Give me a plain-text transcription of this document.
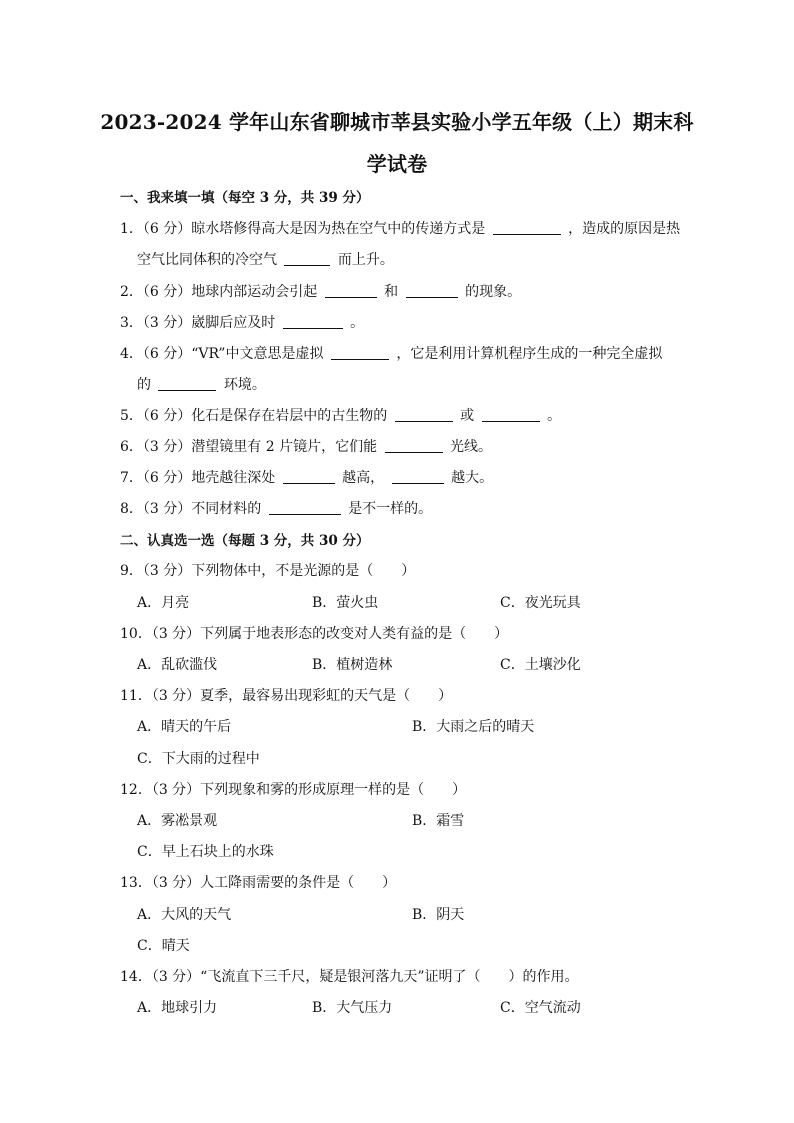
2023-2024 学年山东省聊城市莘县实验小学五年级（上）期末科
学试卷
一、我来填一填（每空 3 分，共 39 分）
1．（6 分）晾水塔修得高大是因为热在空气中的传递方式是	，造成的原因是热
空气比同体积的冷空气	而上升。
2．（6 分）地球内部运动会引起	和	的现象。
3．（3 分）崴脚后应及时	。
4．（6 分）“VR”中文意思是虚拟	，它是利用计算机程序生成的一种完全虚拟
的	环境。
5．（6 分）化石是保存在岩层中的古生物的	或	。
6．（3 分）潜望镜里有 2 片镜片，它们能	光线。
7．（6 分）地壳越往深处	越高，	越大。
8．（3 分）不同材料的	是不一样的。
二、认真选一选（每题 3 分，共 30 分）
9．（3 分）下列物体中，不是光源的是（　　）
A．月亮	B．萤火虫	C．夜光玩具
10．（3 分）下列属于地表形态的改变对人类有益的是（　　）
A．乱砍滥伐	B．植树造林	C．土壤沙化
11．（3 分）夏季，最容易出现彩虹的天气是（　　）
A．晴天的午后	B．大雨之后的晴天
C．下大雨的过程中
12．（3 分）下列现象和雾的形成原理一样的是（　　）
A．雾凇景观	B．霜雪
C．早上石块上的水珠
13．（3 分）人工降雨需要的条件是（　　）
A．大风的天气	B．阴天
C．晴天
14．（3 分）“飞流直下三千尺，疑是银河落九天”证明了（　　）的作用。
A．地球引力	B．大气压力	C．空气流动
